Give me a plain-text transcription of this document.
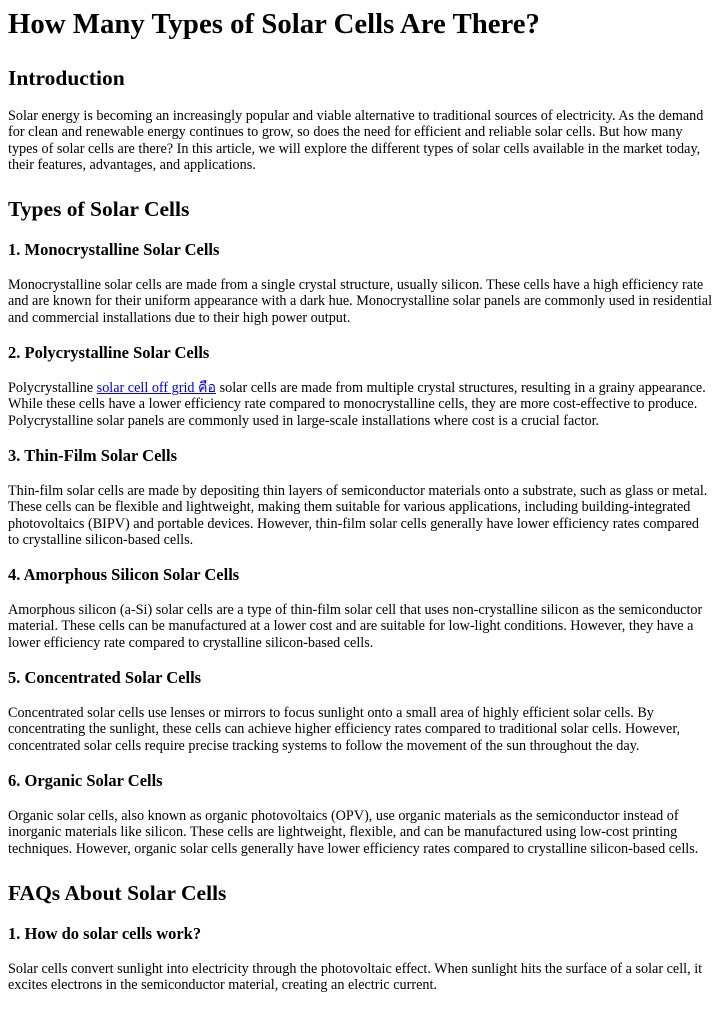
How Many Types of Solar Cells Are There?
Introduction

Solar energy is becoming an increasingly popular and viable alternative to traditional sources of electricity. As the demand for clean and renewable energy continues to grow, so does the need for efficient and reliable solar cells. But how many types of solar cells are there? In this article, we will explore the different types of solar cells available in the market today, their features, advantages, and applications.

Types of Solar Cells
1. Monocrystalline Solar Cells

Monocrystalline solar cells are made from a single crystal structure, usually silicon. These cells have a high efficiency rate and are known for their uniform appearance with a dark hue. Monocrystalline solar panels are commonly used in residential and commercial installations due to their high power output.

2. Polycrystalline Solar Cells

Polycrystalline solar cell off grid คือ solar cells are made from multiple crystal structures, resulting in a grainy appearance. While these cells have a lower efficiency rate compared to monocrystalline cells, they are more cost-effective to produce. Polycrystalline solar panels are commonly used in large-scale installations where cost is a crucial factor.

3. Thin-Film Solar Cells

Thin-film solar cells are made by depositing thin layers of semiconductor materials onto a substrate, such as glass or metal. These cells can be flexible and lightweight, making them suitable for various applications, including building-integrated photovoltaics (BIPV) and portable devices. However, thin-film solar cells generally have lower efficiency rates compared to crystalline silicon-based cells.

4. Amorphous Silicon Solar Cells

Amorphous silicon (a-Si) solar cells are a type of thin-film solar cell that uses non-crystalline silicon as the semiconductor material. These cells can be manufactured at a lower cost and are suitable for low-light conditions. However, they have a lower efficiency rate compared to crystalline silicon-based cells.

5. Concentrated Solar Cells

Concentrated solar cells use lenses or mirrors to focus sunlight onto a small area of highly efficient solar cells. By concentrating the sunlight, these cells can achieve higher efficiency rates compared to traditional solar cells. However, concentrated solar cells require precise tracking systems to follow the movement of the sun throughout the day.

6. Organic Solar Cells

Organic solar cells, also known as organic photovoltaics (OPV), use organic materials as the semiconductor instead of inorganic materials like silicon. These cells are lightweight, flexible, and can be manufactured using low-cost printing techniques. However, organic solar cells generally have lower efficiency rates compared to crystalline silicon-based cells.

FAQs About Solar Cells
1. How do solar cells work?

Solar cells convert sunlight into electricity through the photovoltaic effect. When sunlight hits the surface of a solar cell, it excites electrons in the semiconductor material, creating an electric current.
